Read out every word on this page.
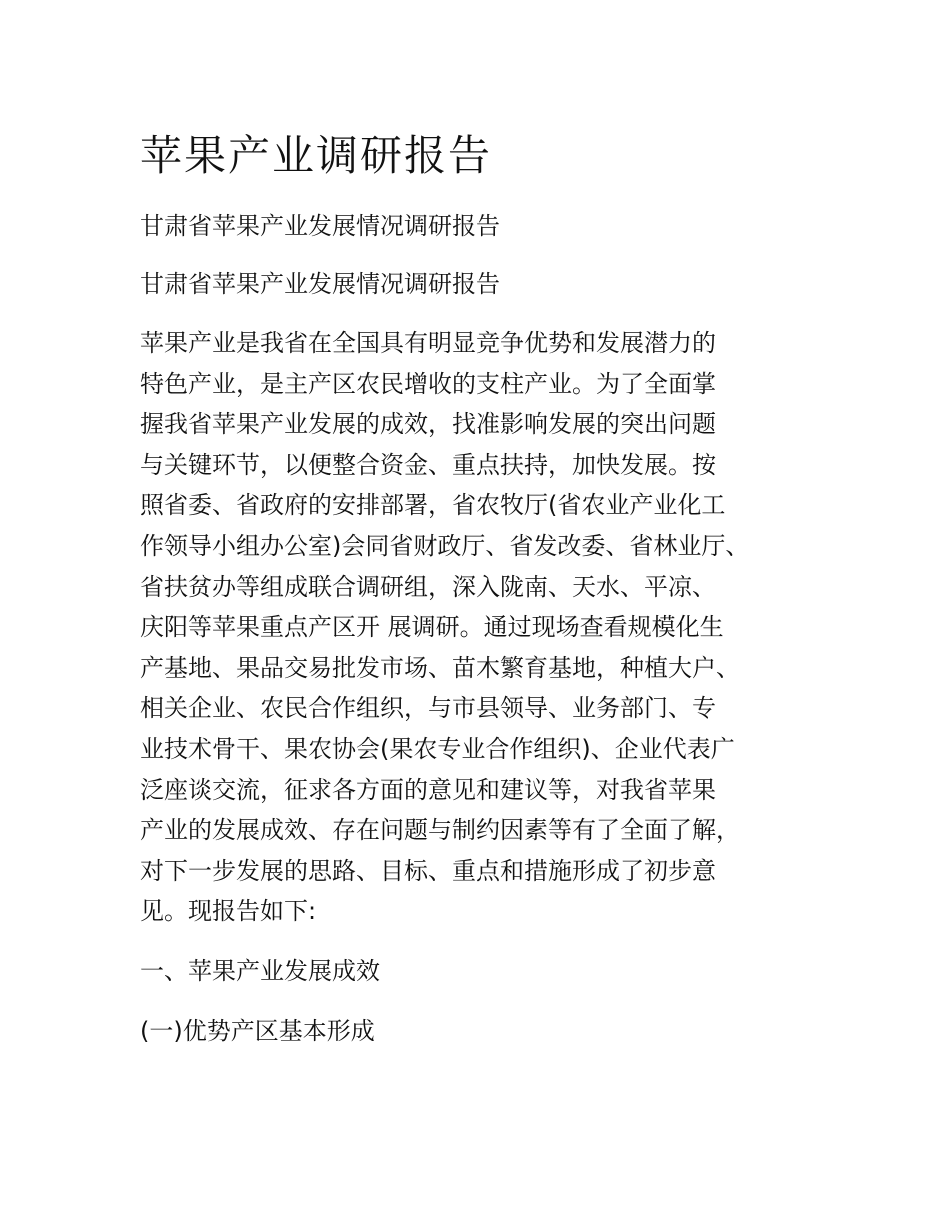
苹果产业调研报告

甘肃省苹果产业发展情况调研报告

甘肃省苹果产业发展情况调研报告

苹果产业是我省在全国具有明显竞争优势和发展潜力的
特色产业，是主产区农民增收的支柱产业。为了全面掌
握我省苹果产业发展的成效，找准影响发展的突出问题
与关键环节，以便整合资金、重点扶持，加快发展。按
照省委、省政府的安排部署，省农牧厅(省农业产业化工
作领导小组办公室)会同省财政厅、省发改委、省林业厅、
省扶贫办等组成联合调研组，深入陇南、天水、平凉、
庆阳等苹果重点产区开 展调研。通过现场查看规模化生
产基地、果品交易批发市场、苗木繁育基地，种植大户、
相关企业、农民合作组织，与市县领导、业务部门、专
业技术骨干、果农协会(果农专业合作组织)、企业代表广
泛座谈交流，征求各方面的意见和建议等，对我省苹果
产业的发展成效、存在问题与制约因素等有了全面了解，
对下一步发展的思路、目标、重点和措施形成了初步意
见。现报告如下:

一、苹果产业发展成效

(一)优势产区基本形成
